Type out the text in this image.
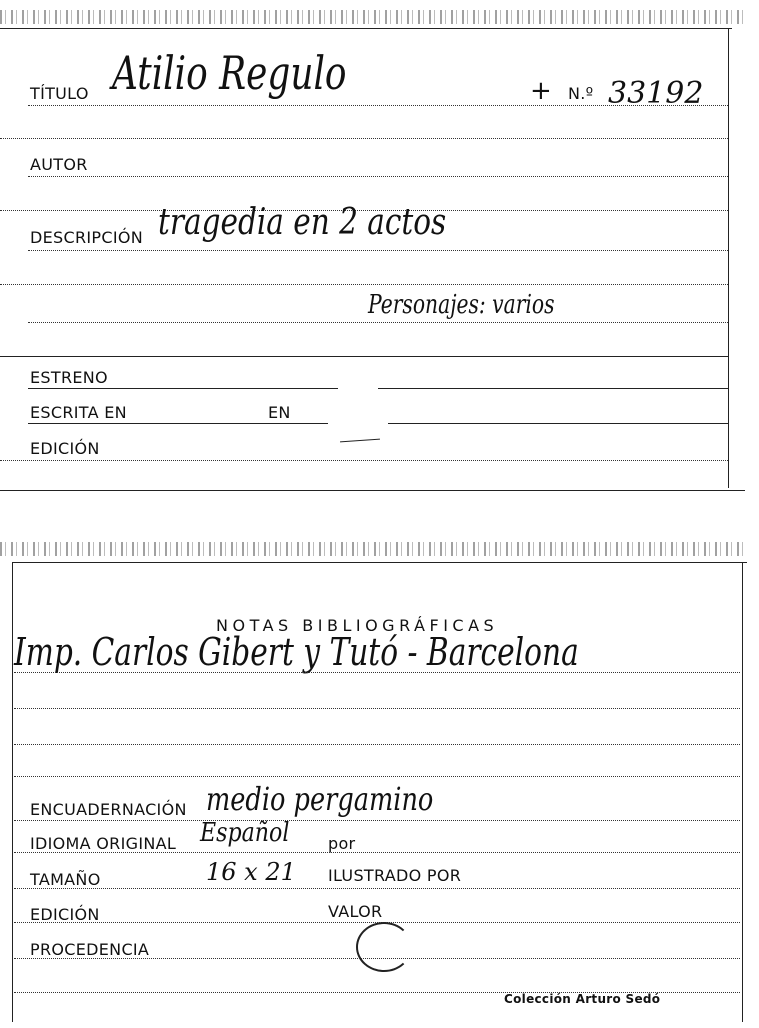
TÍTULO Atilio Regulo	+ N.º 33192
AUTOR
DESCRIPCIÓN tragedia en 2 actos
Personajes: varios
ESTRENO
ESCRITA EN	EN
EDICIÓN
NOTAS BIBLIOGRÁFICAS
Imp. Carlos Gibert y Tutó - Barcelona
ENCUADERNACIÓN medio pergamino
IDIOMA ORIGINAL Español por
TAMAÑO	16 x 21 ILUSTRADO POR
EDICIÓN	VALOR
PROCEDENCIA
Colección Arturo Sedó
